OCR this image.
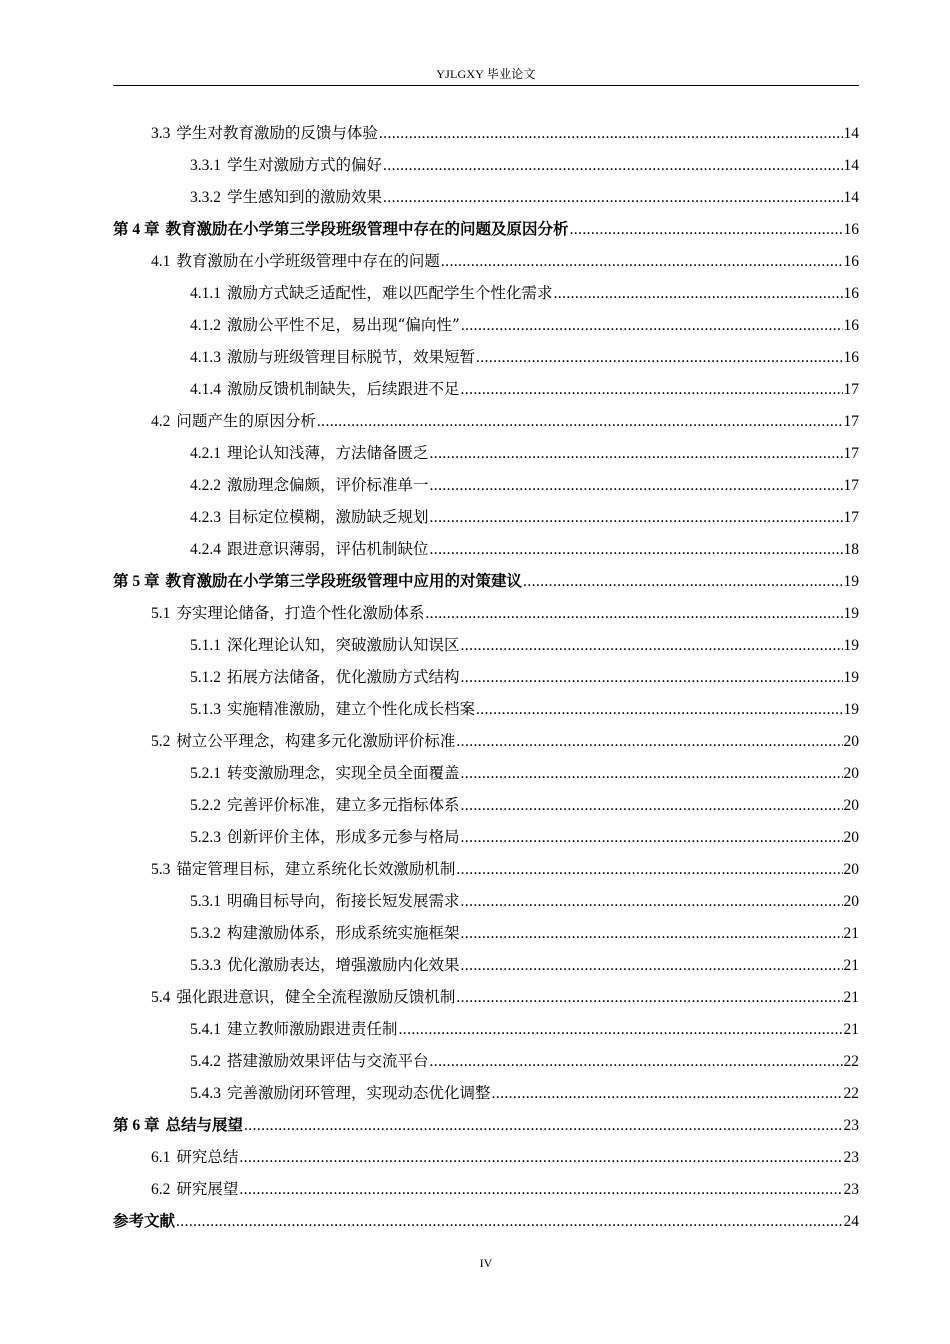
YJLGXY 毕业论文
3.3 学生对教育激励的反馈与体验 .....	14
3.3.1 学生对激励方式的偏好 .....	14
3.3.2 学生感知到的激励效果 .....	14
第 4 章 教育激励在小学第三学段班级管理中存在的问题及原因分析 .....	16
4.1 教育激励在小学班级管理中存在的问题 .....	16
4.1.1 激励方式缺乏适配性，难以匹配学生个性化需求 .....	16
4.1.2 激励公平性不足，易出现“偏向性” .....	16
4.1.3 激励与班级管理目标脱节，效果短暂 .....	16
4.1.4 激励反馈机制缺失，后续跟进不足 .....	17
4.2 问题产生的原因分析 .....	17
4.2.1 理论认知浅薄，方法储备匮乏 .....	17
4.2.2 激励理念偏颇，评价标准单一 .....	17
4.2.3 目标定位模糊，激励缺乏规划 .....	17
4.2.4 跟进意识薄弱，评估机制缺位 .....	18
第 5 章 教育激励在小学第三学段班级管理中应用的对策建议 .....	19
5.1 夯实理论储备，打造个性化激励体系 .....	19
5.1.1 深化理论认知，突破激励认知误区 .....	19
5.1.2 拓展方法储备，优化激励方式结构 .....	19
5.1.3 实施精准激励，建立个性化成长档案 .....	19
5.2 树立公平理念，构建多元化激励评价标准 .....	20
5.2.1 转变激励理念，实现全员全面覆盖 .....	20
5.2.2 完善评价标准，建立多元指标体系 .....	20
5.2.3 创新评价主体，形成多元参与格局 .....	20
5.3 锚定管理目标，建立系统化长效激励机制 .....	20
5.3.1 明确目标导向，衔接长短发展需求 .....	20
5.3.2 构建激励体系，形成系统实施框架 .....	21
5.3.3 优化激励表达，增强激励内化效果 .....	21
5.4 强化跟进意识，健全全流程激励反馈机制 .....	21
5.4.1 建立教师激励跟进责任制 .....	21
5.4.2 搭建激励效果评估与交流平台 .....	22
5.4.3 完善激励闭环管理，实现动态优化调整 .....	22
第 6 章 总结与展望 .....	23
6.1 研究总结 .....	23
6.2 研究展望 .....	23
参考文献 .....	24
IV
